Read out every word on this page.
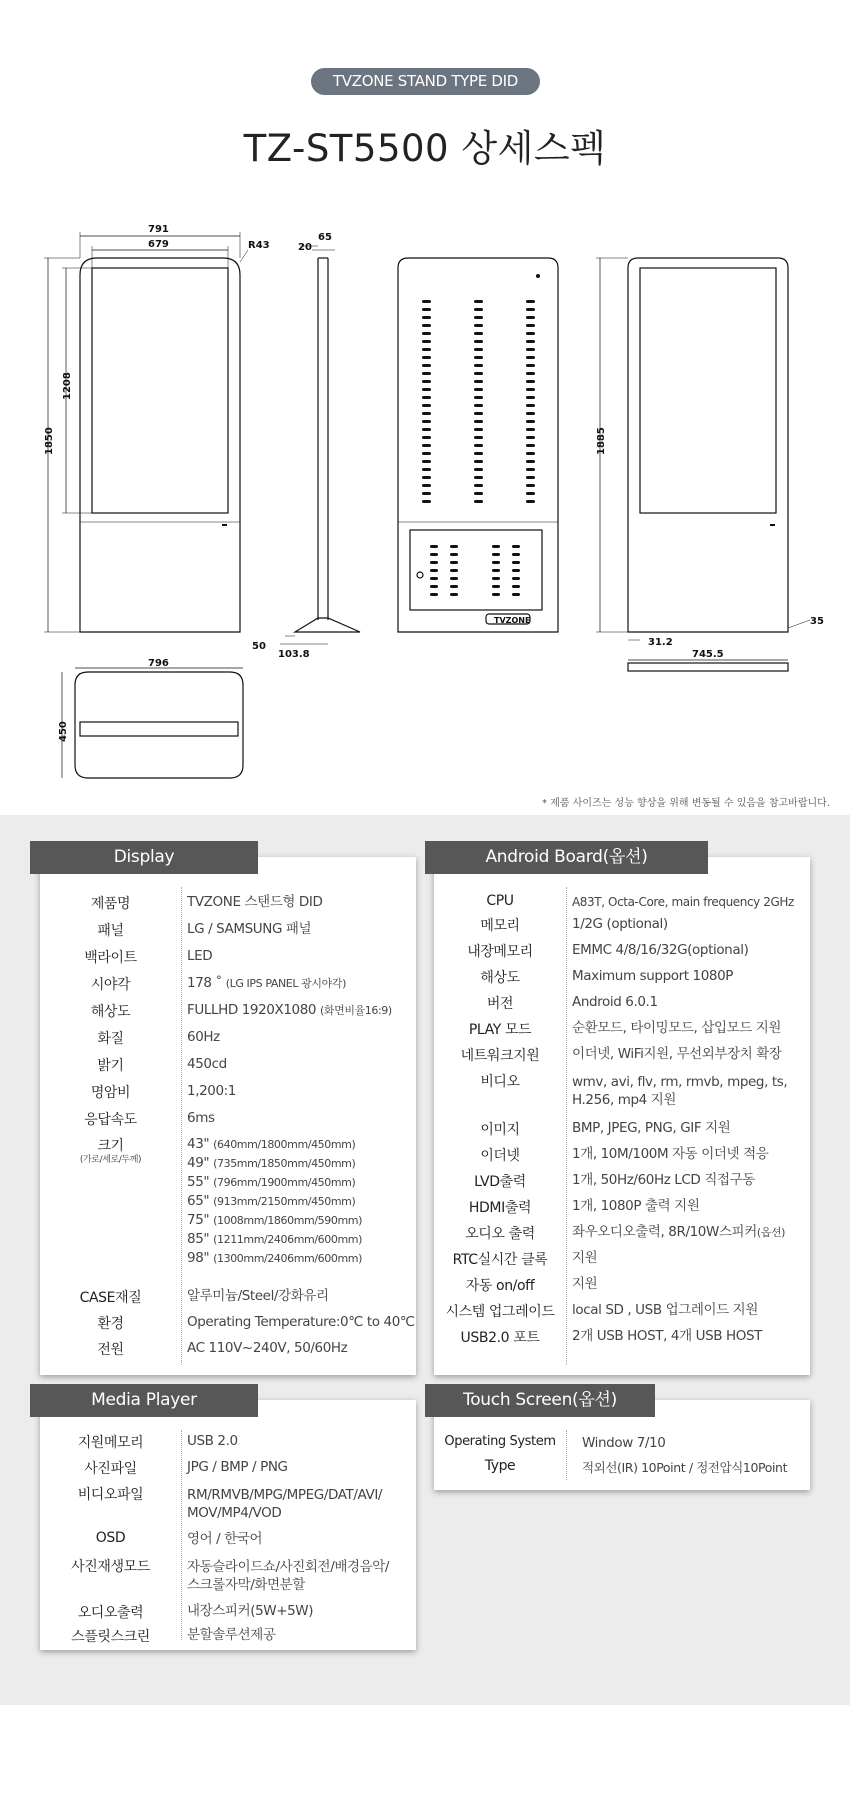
TVZONE STAND TYPE DID
TZ-ST5500 상세스펙
791
679	R43
1208
1850
20
65
50
103.8
TVZONE
1885
31.2
745.5
35
796
450
* 제품 사이즈는 성능 향상을 위해 변동될 수 있음을 참고바랍니다.
제품명	TVZONE 스탠드형 DID
패널	LG / SAMSUNG 패널
백라이트	LED
시야각	178 ˚ (LG IPS PANEL 광시야각)
해상도	FULLHD 1920X1080 (화면비율16:9)
화질	60Hz
밝기	450cd
명암비	1,200:1
응답속도	6ms
크기
(가로/세로/두께)
43" (640mm/1800mm/450mm)
49" (735mm/1850mm/450mm)
55" (796mm/1900mm/450mm)
65" (913mm/2150mm/450mm)
75" (1008mm/1860mm/590mm)
85" (1211mm/2406mm/600mm)
98" (1300mm/2406mm/600mm)
CASE재질	알루미늄/Steel/강화유리
환경	Operating Temperature:0℃ to 40℃
전원	AC 110V~240V, 50/60Hz
Display
CPU	A83T, Octa-Core, main frequency 2GHz
메모리	1/2G (optional)
내장메모리	EMMC 4/8/16/32G(optional)
해상도	Maximum support 1080P
버전	Android 6.0.1
PLAY 모드	순환모드, 타이밍모드, 삽입모드 지원
네트워크지원	이더넷, WiFi지원, 무선외부장치 확장
비디오	wmv, avi, flv, rm, rmvb, mpeg, ts,
H.256, mp4 지원
이미지	BMP, JPEG, PNG, GIF 지원
이더넷	1개, 10M/100M 자동 이더넷 적응
LVD출력	1개, 50Hz/60Hz LCD 직접구동
HDMI출력	1개, 1080P 출력 지원
오디오 출력	좌우오디오출력, 8R/10W스피커(옵션)
RTC실시간 클록	지원
자동 on/off	지원
시스템 업그레이드	local SD , USB 업그레이드 지원
USB2.0 포트	2개 USB HOST, 4개 USB HOST
Android Board(옵션)
지원메모리	USB 2.0
사진파일	JPG / BMP / PNG
비디오파일	RM/RMVB/MPG/MPEG/DAT/AVI/
MOV/MP4/VOD
OSD	영어 / 한국어
사진재생모드	자동슬라이드쇼/사진회전/배경음악/
스크롤자막/화면분할
오디오출력	내장스피커(5W+5W)
스플릿스크린	분할솔루션제공
Media Player
Operating System	Window 7/10
Type	적외선(IR) 10Point / 정전압식10Point
Touch Screen(옵션)
